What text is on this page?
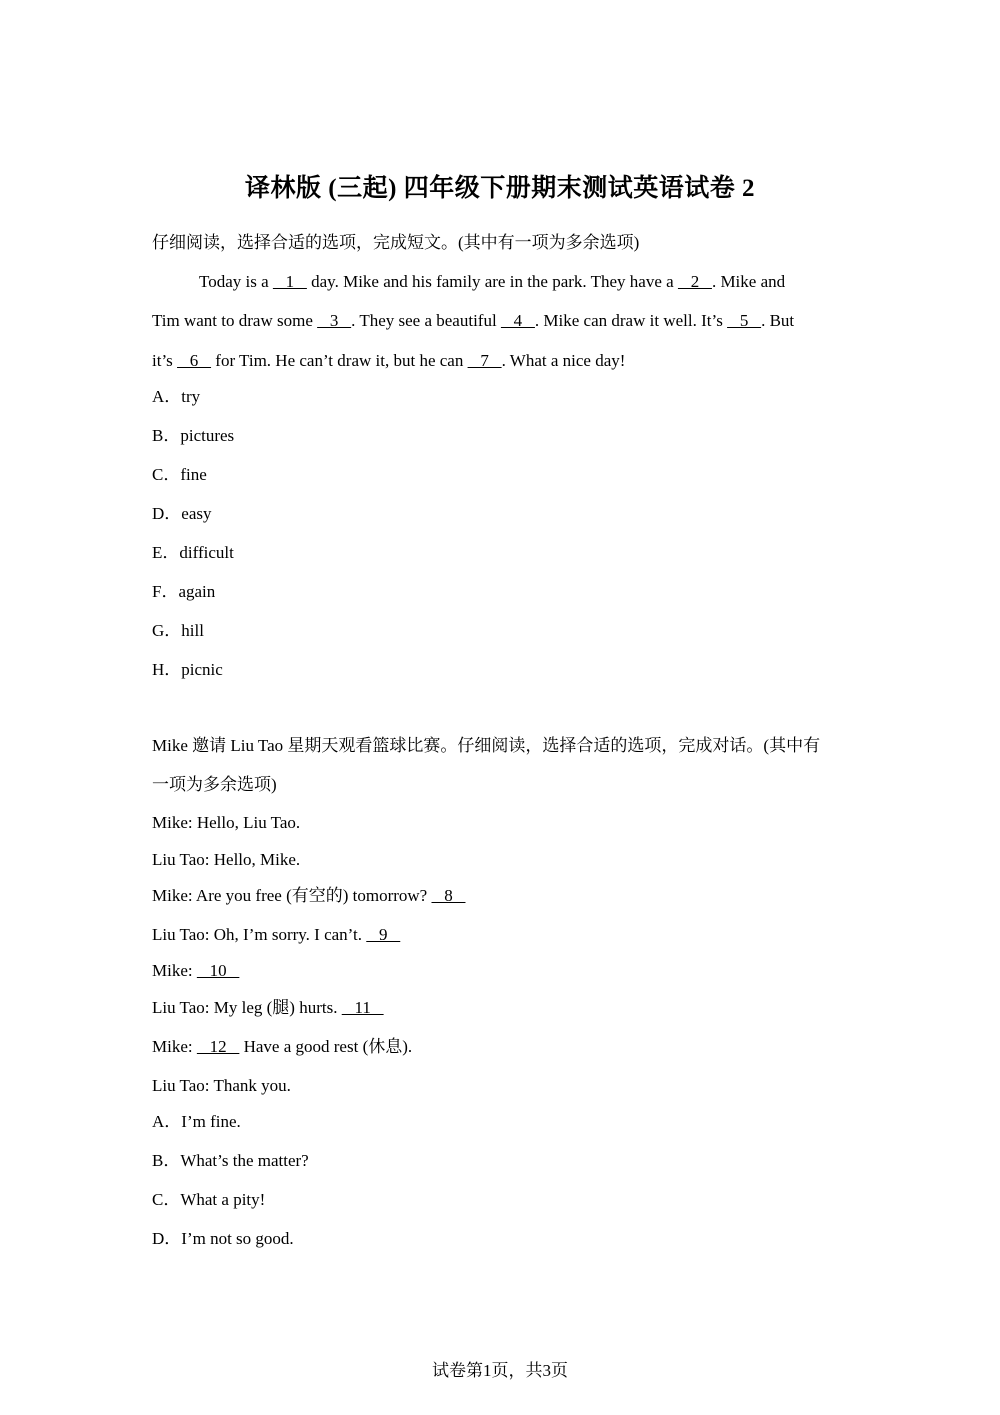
译林版 (三起) 四年级下册期末测试英语试卷 2
仔细阅读，选择合适的选项，完成短文。(其中有一项为多余选项)
Today is a    1    day. Mike and his family are in the park. They have a    2   . Mike and
Tim want to draw some    3   . They see a beautiful    4   . Mike can draw it well. It’s    5   . But
it’s    6    for Tim. He can’t draw it, but he can    7   . What a nice day!
A．try
B．pictures
C．fine
D．easy
E．difficult
F．again
G．hill
H．picnic
Mike 邀请 Liu Tao 星期天观看篮球比赛。仔细阅读，选择合适的选项，完成对话。(其中有
一项为多余选项)
Mike: Hello, Liu Tao.
Liu Tao: Hello, Mike.
Mike: Are you free (有空的) tomorrow?    8
Liu Tao: Oh, I’m sorry. I can’t.    9
Mike:    10
Liu Tao: My leg (腿) hurts.    11
Mike:    12    Have a good rest (休息).
Liu Tao: Thank you.
A．I’m fine.
B．What’s the matter?
C．What a pity!
D．I’m not so good.
试卷第1页，共3页
